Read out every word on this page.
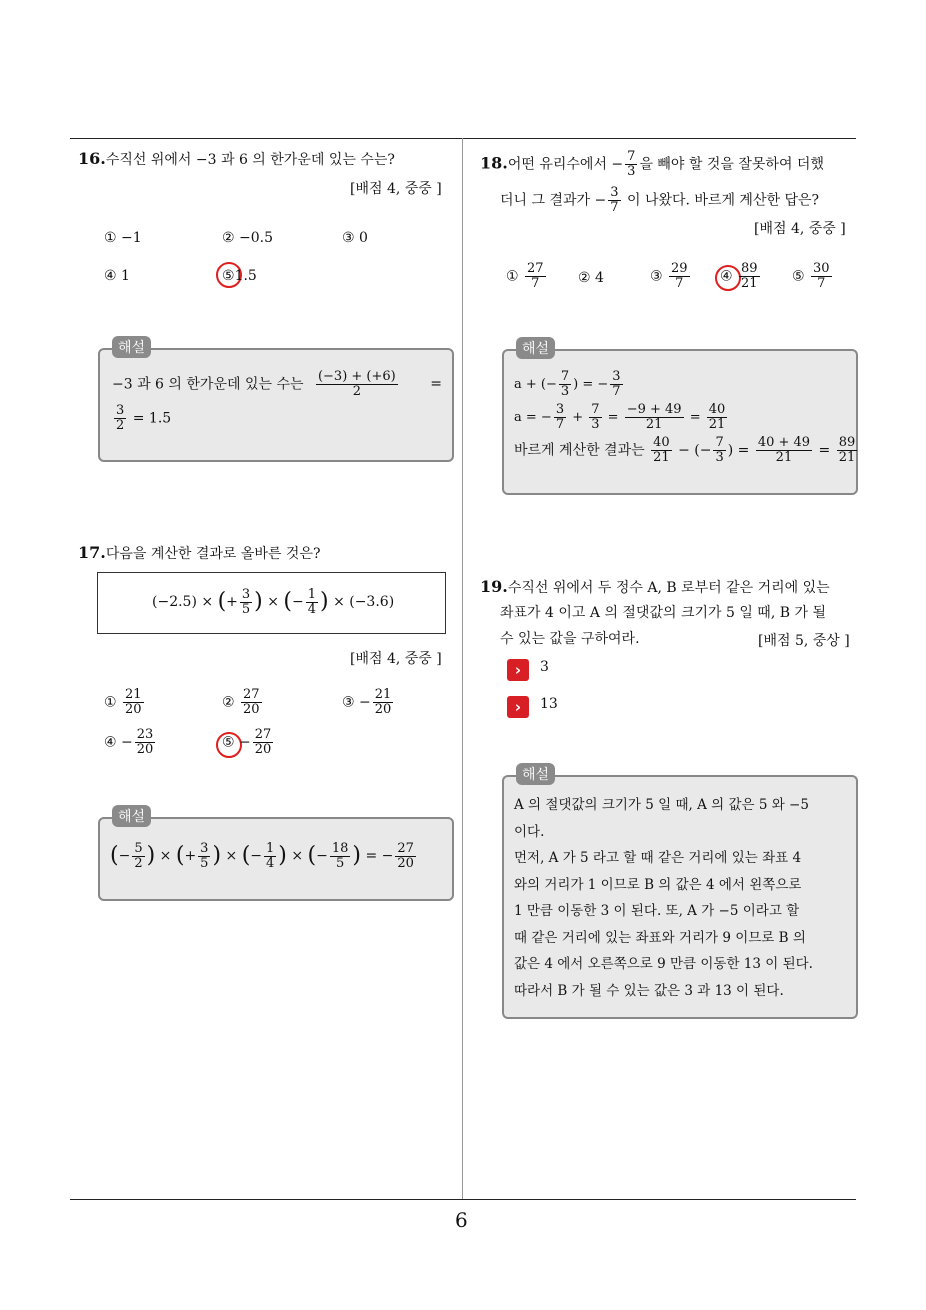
6
16.수직선 위에서 −3 과 6 의 한가운데 있는 수는?
[배점 4, 중중 ]
① −1	② −0.5	③ 0
④ 1	⑤1.5
해설
−3 과 6 의 한가운데 있는 수는 $\frac{(-3) + (+6)}{2}$ =
$\frac{3}{2} = 1.5$
17.다음을 계산한 결과로 올바른 것은?
(−2.5) × (+ $\frac{3}{5}$ ) × (− $\frac{1}{4}$ ) × (−3.6)
[배점 4, 중중 ]
① $\frac{21}{20}$	② $\frac{27}{20}$	③ − $\frac{21}{20}$
④ − $\frac{23}{20}$	⑤ − $\frac{27}{20}$
해설
(− $\frac{5}{2}$ ) × (+ $\frac{3}{5}$ ) × (− $\frac{1}{4}$ ) × (− $\frac{18}{5}$ ) = − $\frac{27}{20}$
18.어떤 유리수에서 − $\frac{7}{3}$ 을 빼야 할 것을 잘못하여 더했
더니 그 결과가 − $\frac{3}{7}$ 이 나왔다. 바르게 계산한 답은?
[배점 4, 중중 ]
① $\frac{27}{7}$ ② 4	③ $\frac{29}{7}$ ④ $\frac{89}{21}$ ⑤ $\frac{30}{7}$
해설
a + (− $\frac{7}{3}$ ) = − $\frac{3}{7}$
a = − $\frac{3}{7} + \frac{7}{3} = \frac{-9 + 49}{21} = \frac{40}{21}$
바르게 계산한 결과는 $\frac{40}{21}$ − (− $\frac{7}{3}$ ) = $\frac{40 + 49}{21} = \frac{89}{21}$
19.수직선 위에서 두 정수 A, B 로부터 같은 거리에 있는
좌표가 4 이고 A 의 절댓값의 크기가 5 일 때, B 가 될
수 있는 값을 구하여라.	[배점 5, 중상 ]
›	3
›	13
해설
A 의 절댓값의 크기가 5 일 때, A 의 값은 5 와 −5
이다.
먼저, A 가 5 라고 할 때 같은 거리에 있는 좌표 4
와의 거리가 1 이므로 B 의 값은 4 에서 왼쪽으로
1 만큼 이동한 3 이 된다. 또, A 가 −5 이라고 할
때 같은 거리에 있는 좌표와 거리가 9 이므로 B 의
값은 4 에서 오른쪽으로 9 만큼 이동한 13 이 된다.
따라서 B 가 될 수 있는 값은 3 과 13 이 된다.
